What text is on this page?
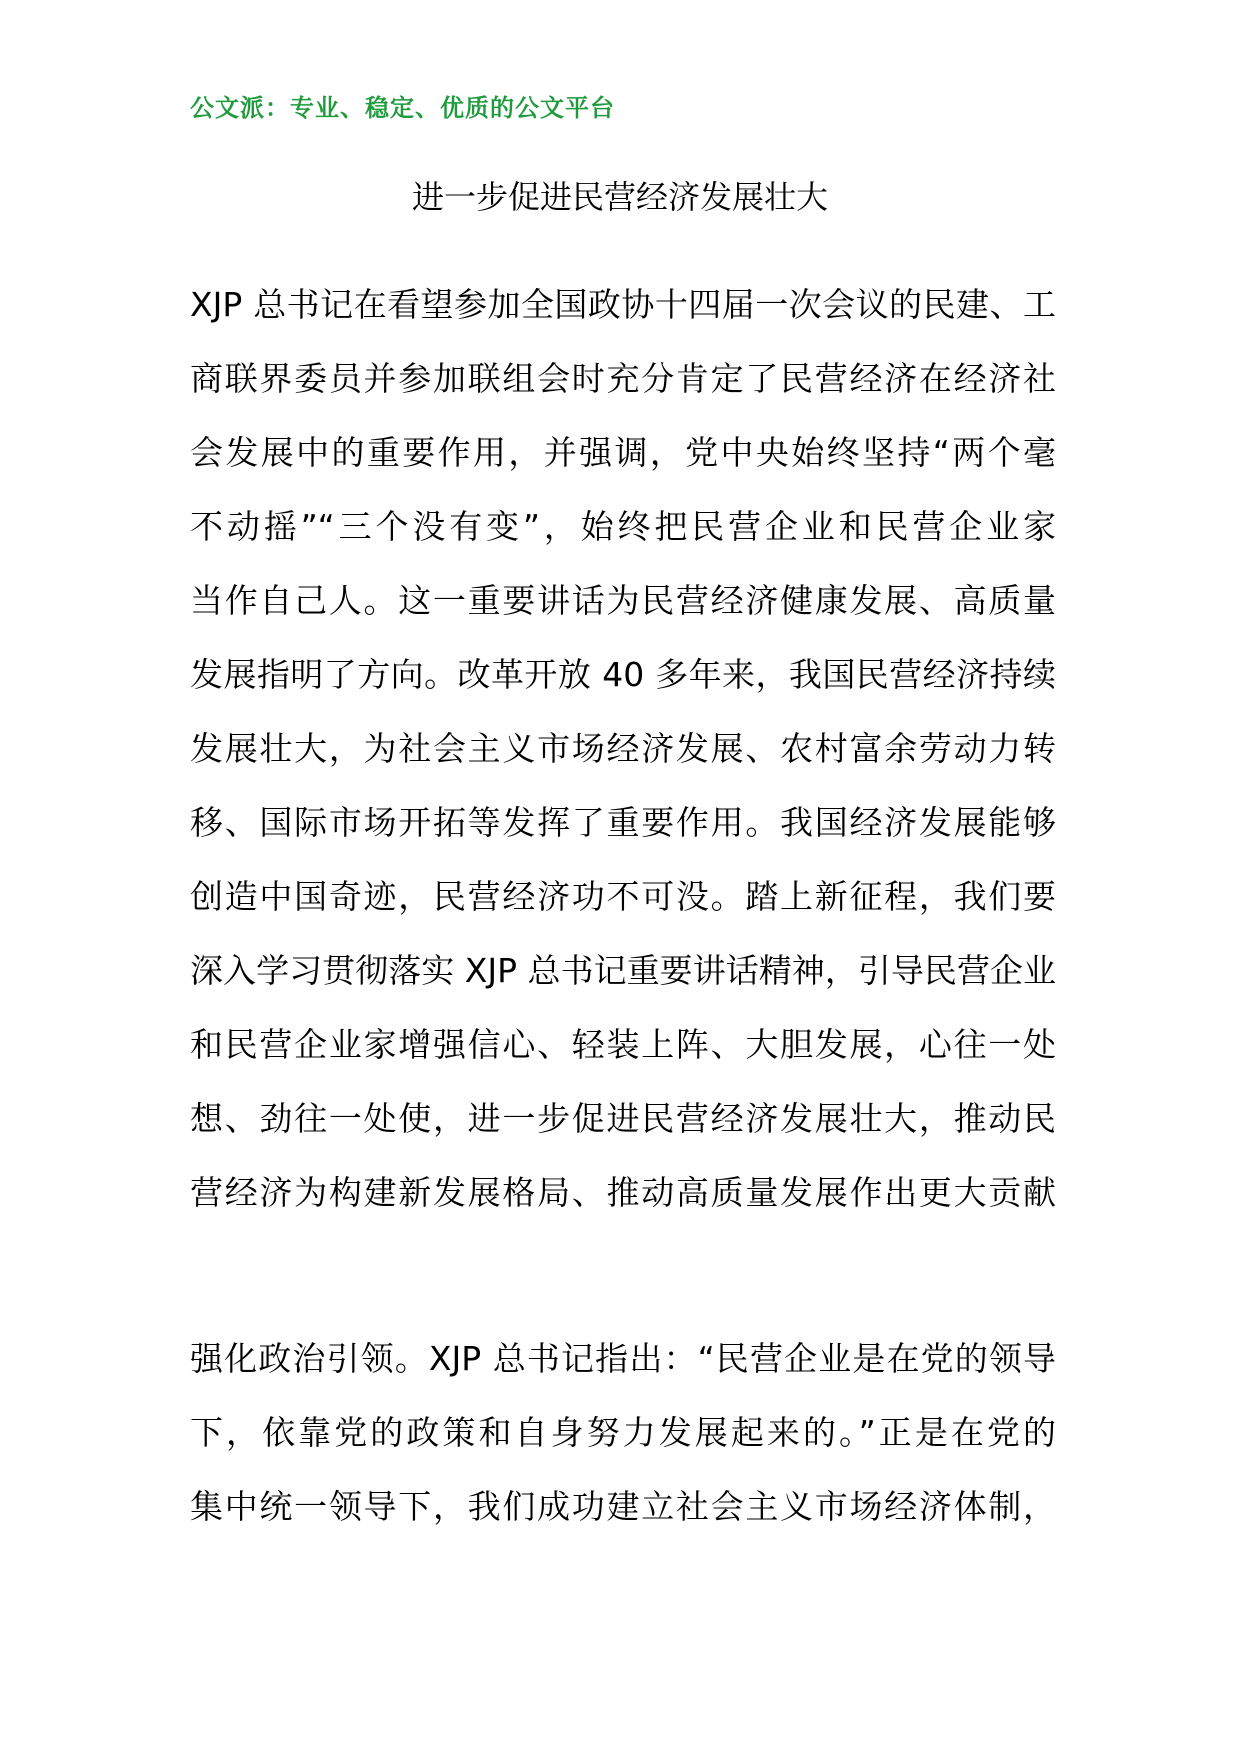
公文派：专业、稳定、优质的公文平台
进一步促进民营经济发展壮大
XJP 总书记在看望参加全国政协十四届一次会议的民建、工
商联界委员并参加联组会时充分肯定了民营经济在经济社
会发展中的重要作用，并强调，党中央始终坚持“两个毫
不动摇”“三个没有变”，始终把民营企业和民营企业家
当作自己人。这一重要讲话为民营经济健康发展、高质量
发展指明了方向。改革开放 40 多年来，我国民营经济持续
发展壮大，为社会主义市场经济发展、农村富余劳动力转
移、国际市场开拓等发挥了重要作用。我国经济发展能够
创造中国奇迹，民营经济功不可没。踏上新征程，我们要
深入学习贯彻落实 XJP 总书记重要讲话精神，引导民营企业
和民营企业家增强信心、轻装上阵、大胆发展，心往一处
想、劲往一处使，进一步促进民营经济发展壮大，推动民
营经济为构建新发展格局、推动高质量发展作出更大贡献
强化政治引领。XJP 总书记指出：“民营企业是在党的领导
下，依靠党的政策和自身努力发展起来的。”正是在党的
集中统一领导下，我们成功建立社会主义市场经济体制，
